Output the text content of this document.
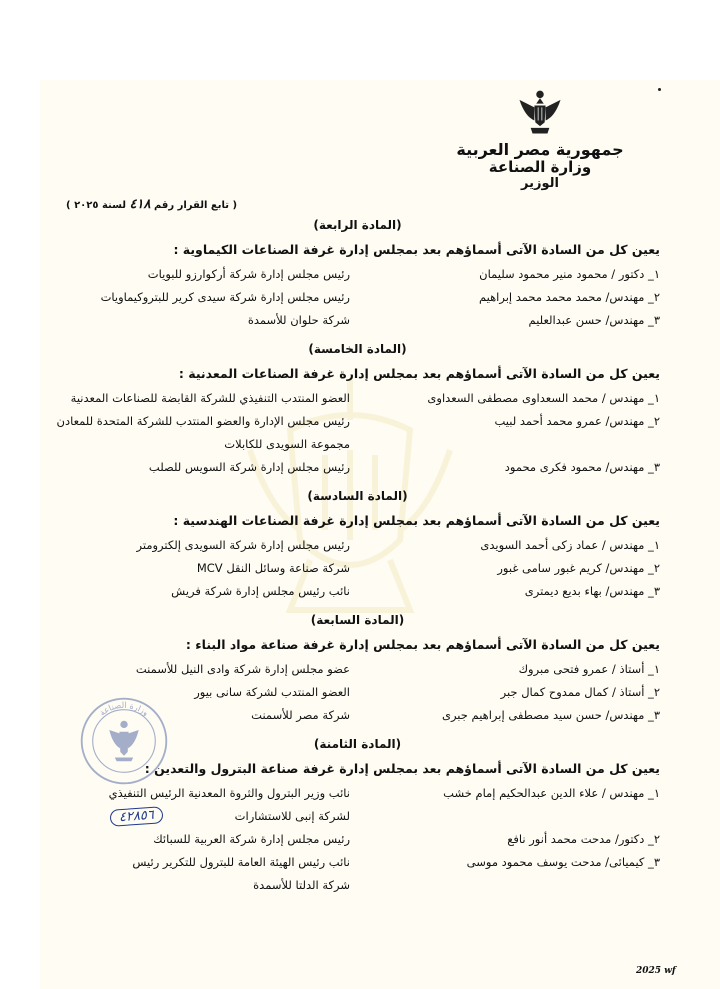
جمهورية مصر العربية
وزارة الصناعة
الوزير
( تابع القرار رقم ٤١٨ لسنة ٢٠٢٥ )
(المادة الرابعة)
يعين كل من السادة الآتى أسماؤهم بعد بمجلس إدارة غرفة الصناعات الكيماوية :
١_ دكتور / محمود منير محمود سليمان
رئيس مجلس إدارة شركة أركوارزو للبويات
٢_ مهندس/ محمد محمد محمد إبراهيم
رئيس مجلس إدارة شركة سيدى كرير للبتروكيماويات
٣_ مهندس/ حسن عبدالعليم
شركة حلوان للأسمدة
(المادة الخامسة)
يعين كل من السادة الآتى أسماؤهم بعد بمجلس إدارة غرفة الصناعات المعدنية :
١_ مهندس / محمد السعداوى مصطفى السعداوى
العضو المنتدب التنفيذي للشركة القابضة للصناعات المعدنية
٢_ مهندس/ عمرو محمد أحمد لبيب
رئيس مجلس الإدارة والعضو المنتدب للشركة المتحدة للمعادن
مجموعة السويدى للكابلات
٣_ مهندس/ محمود فكرى محمود
رئيس مجلس إدارة شركة السويس للصلب
(المادة السادسة)
يعين كل من السادة الآتى أسماؤهم بعد بمجلس إدارة غرفة الصناعات الهندسية :
١_ مهندس / عماد زكى أحمد السويدى
رئيس مجلس إدارة شركة السويدى إلكترومتر
٢_ مهندس/ كريم غبور سامى غبور
شركة صناعة وسائل النقل MCV
٣_ مهندس/ بهاء بديع ديمترى
نائب رئيس مجلس إدارة شركة فريش
(المادة السابعة)
يعين كل من السادة الآتى أسماؤهم بعد بمجلس إدارة غرفة صناعة مواد البناء :
١_ أستاذ / عمرو فتحى مبروك
عضو مجلس إدارة شركة وادى النيل للأسمنت
٢_ أستاذ / كمال ممدوح كمال جبر
العضو المنتدب لشركة سانى بيور
٣_ مهندس/ حسن سيد مصطفى إبراهيم جبرى
شركة مصر للأسمنت
(المادة الثامنة)
يعين كل من السادة الآتى أسماؤهم بعد بمجلس إدارة غرفة صناعة البترول والتعدين :
١_ مهندس / علاء الدين عبدالحكيم إمام خشب
نائب وزير البترول والثروة المعدنية الرئيس التنفيذي
لشركة إنبى للاستشارات
٢_ دكتور/ مدحت محمد أنور نافع
رئيس مجلس إدارة شركة العربية للسبائك
٣_ كيميائى/ مدحت يوسف محمود موسى
نائب رئيس الهيئة العامة للبترول للتكرير رئيس
شركة الدلتا للأسمدة
وزارة الصناعة
٤٢٨٥٦
2025 wf
